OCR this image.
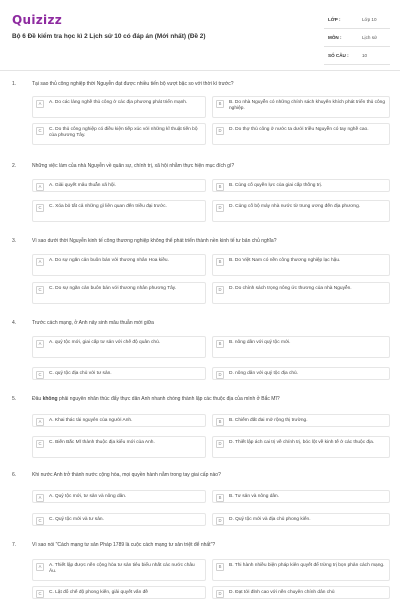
Quizizz
Bộ 6 Đề kiểm tra học kì 2 Lịch sử 10 có đáp án (Mới nhất) (Đề 2)
LỚP :	Lớp 10
MÔN :	Lịch sử
SỐ CÂU :	10
1.	Tại sao thủ công nghiệp thời Nguyễn đạt được nhiều tiến bộ vượt bậc so với thời kì trước?
A	A. Do các làng nghề thủ công ở các địa phương phát triển mạnh.	B	B. Do nhà Nguyễn có những chính sách khuyến khích phát triển thủ công nghiệp.
C	C. Do thủ công nghiệp có điều kiện tiếp xúc với những kĩ thuật tiến bộ của phương Tây.
D	D. Do thợ thủ công ở nước ta dưới triều Nguyễn có tay nghề cao.
2.	Những việc làm của nhà Nguyễn về quân sự, chính trị, xã hội nhằm thực hiện mục đích gì?
A	A. Giải quyết mâu thuẫn xã hội.	B	B. Củng cố quyền lực của giai cấp thống trị.
C	C. Xóa bỏ tất cả những gì liên quan đến triều đại trước.	D	D. Củng cố bộ máy nhà nước từ trung ương đến địa phương.
3.	Vì sao dưới thời Nguyễn kinh tế công thương nghiệp không thể phát triển thành nền kinh tế tư bản chủ nghĩa?
A	A. Do sự ngăn cản buôn bán với thương nhân Hoa kiều.	B	B. Do Việt Nam có nền công thương nghiệp lạc hậu.
C	C. Do sự ngăn cản buôn bán với thương nhân phương Tây.	D	D. Do chính sách trọng nông ức thương của nhà Nguyễn.
4.	Trước cách mạng, ở Anh nảy sinh mâu thuẫn mới giữa
A	A. quý tộc mới, giai cấp tư sản với chế độ quân chủ.	B	B. nông dân với quý tộc mới.
C	C. quý tộc địa chủ với tư sản.	D	D. nông dân với quý tộc địa chủ.
5.	Đâu không phải nguyên nhân thúc đẩy thực dân Anh nhanh chóng thành lập các thuộc địa của mình ở Bắc Mĩ?
A	A. Khai thác tài nguyên của người Anh.	B	B. Chiếm đất đai mở rộng thị trường.
C	C. Biến Bắc Mĩ thành thuộc địa kiểu mới của Anh.	D	D. Thiết lập ách cai trị về chính trị, bóc lột về kinh tế ở các thuộc địa.
6.	Khi nước Anh trở thành nước cộng hòa, mọi quyền hành nằm trong tay giai cấp nào?
A	A. Quý tộc mới, tư sản và nông dân.	B	B. Tư sản và nông dân.
C	C. Quý tộc mới và tư sản.	D	D. Quý tộc mới và địa chủ phong kiến.
7.	Vì sao nói "Cách mạng tư sản Pháp 1789 là cuộc cách mạng tư sản triệt để nhất"?
A	A. Thiết lập được nền cộng hòa tư sản tiêu biểu nhất các nước châu Âu.
B	B. Thi hành nhiều biện pháp kiên quyết để trừng trị bọn phản cách mạng.
C	C. Lật đổ chế độ phong kiến, giải quyết vấn đề	D	D. Đạt tới đỉnh cao với nền chuyên chính dân chủ
